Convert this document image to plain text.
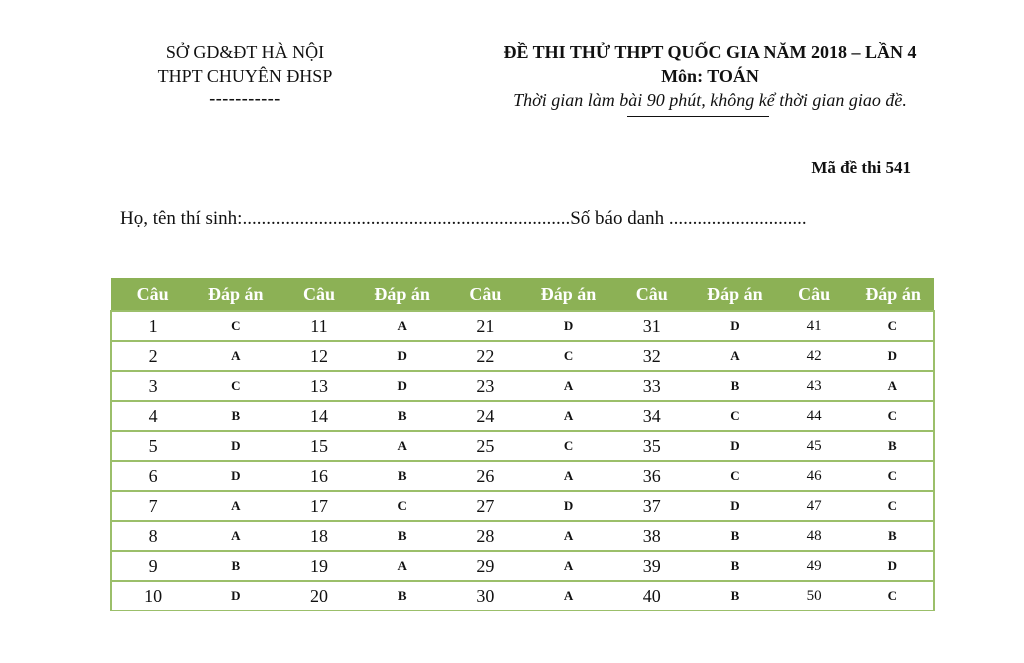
SỞ GD&ĐT HÀ NỘI
THPT CHUYÊN ĐHSP
-----------
ĐỀ THI THỬ THPT QUỐC GIA NĂM 2018 – LẦN 4
Môn: TOÁN
Thời gian làm bài 90 phút, không kể thời gian giao đề.
Mã đề thi 541
Họ, tên thí sinh:.....................................................................Số báo danh .............................
Câu	Đáp án	Câu	Đáp án	Câu	Đáp án	Câu	Đáp án	Câu	Đáp án
1	C	11	A	21	D	31	D	41	C
2	A	12	D	22	C	32	A	42	D
3	C	13	D	23	A	33	B	43	A
4	B	14	B	24	A	34	C	44	C
5	D	15	A	25	C	35	D	45	B
6	D	16	B	26	A	36	C	46	C
7	A	17	C	27	D	37	D	47	C
8	A	18	B	28	A	38	B	48	B
9	B	19	A	29	A	39	B	49	D
10	D	20	B	30	A	40	B	50	C
